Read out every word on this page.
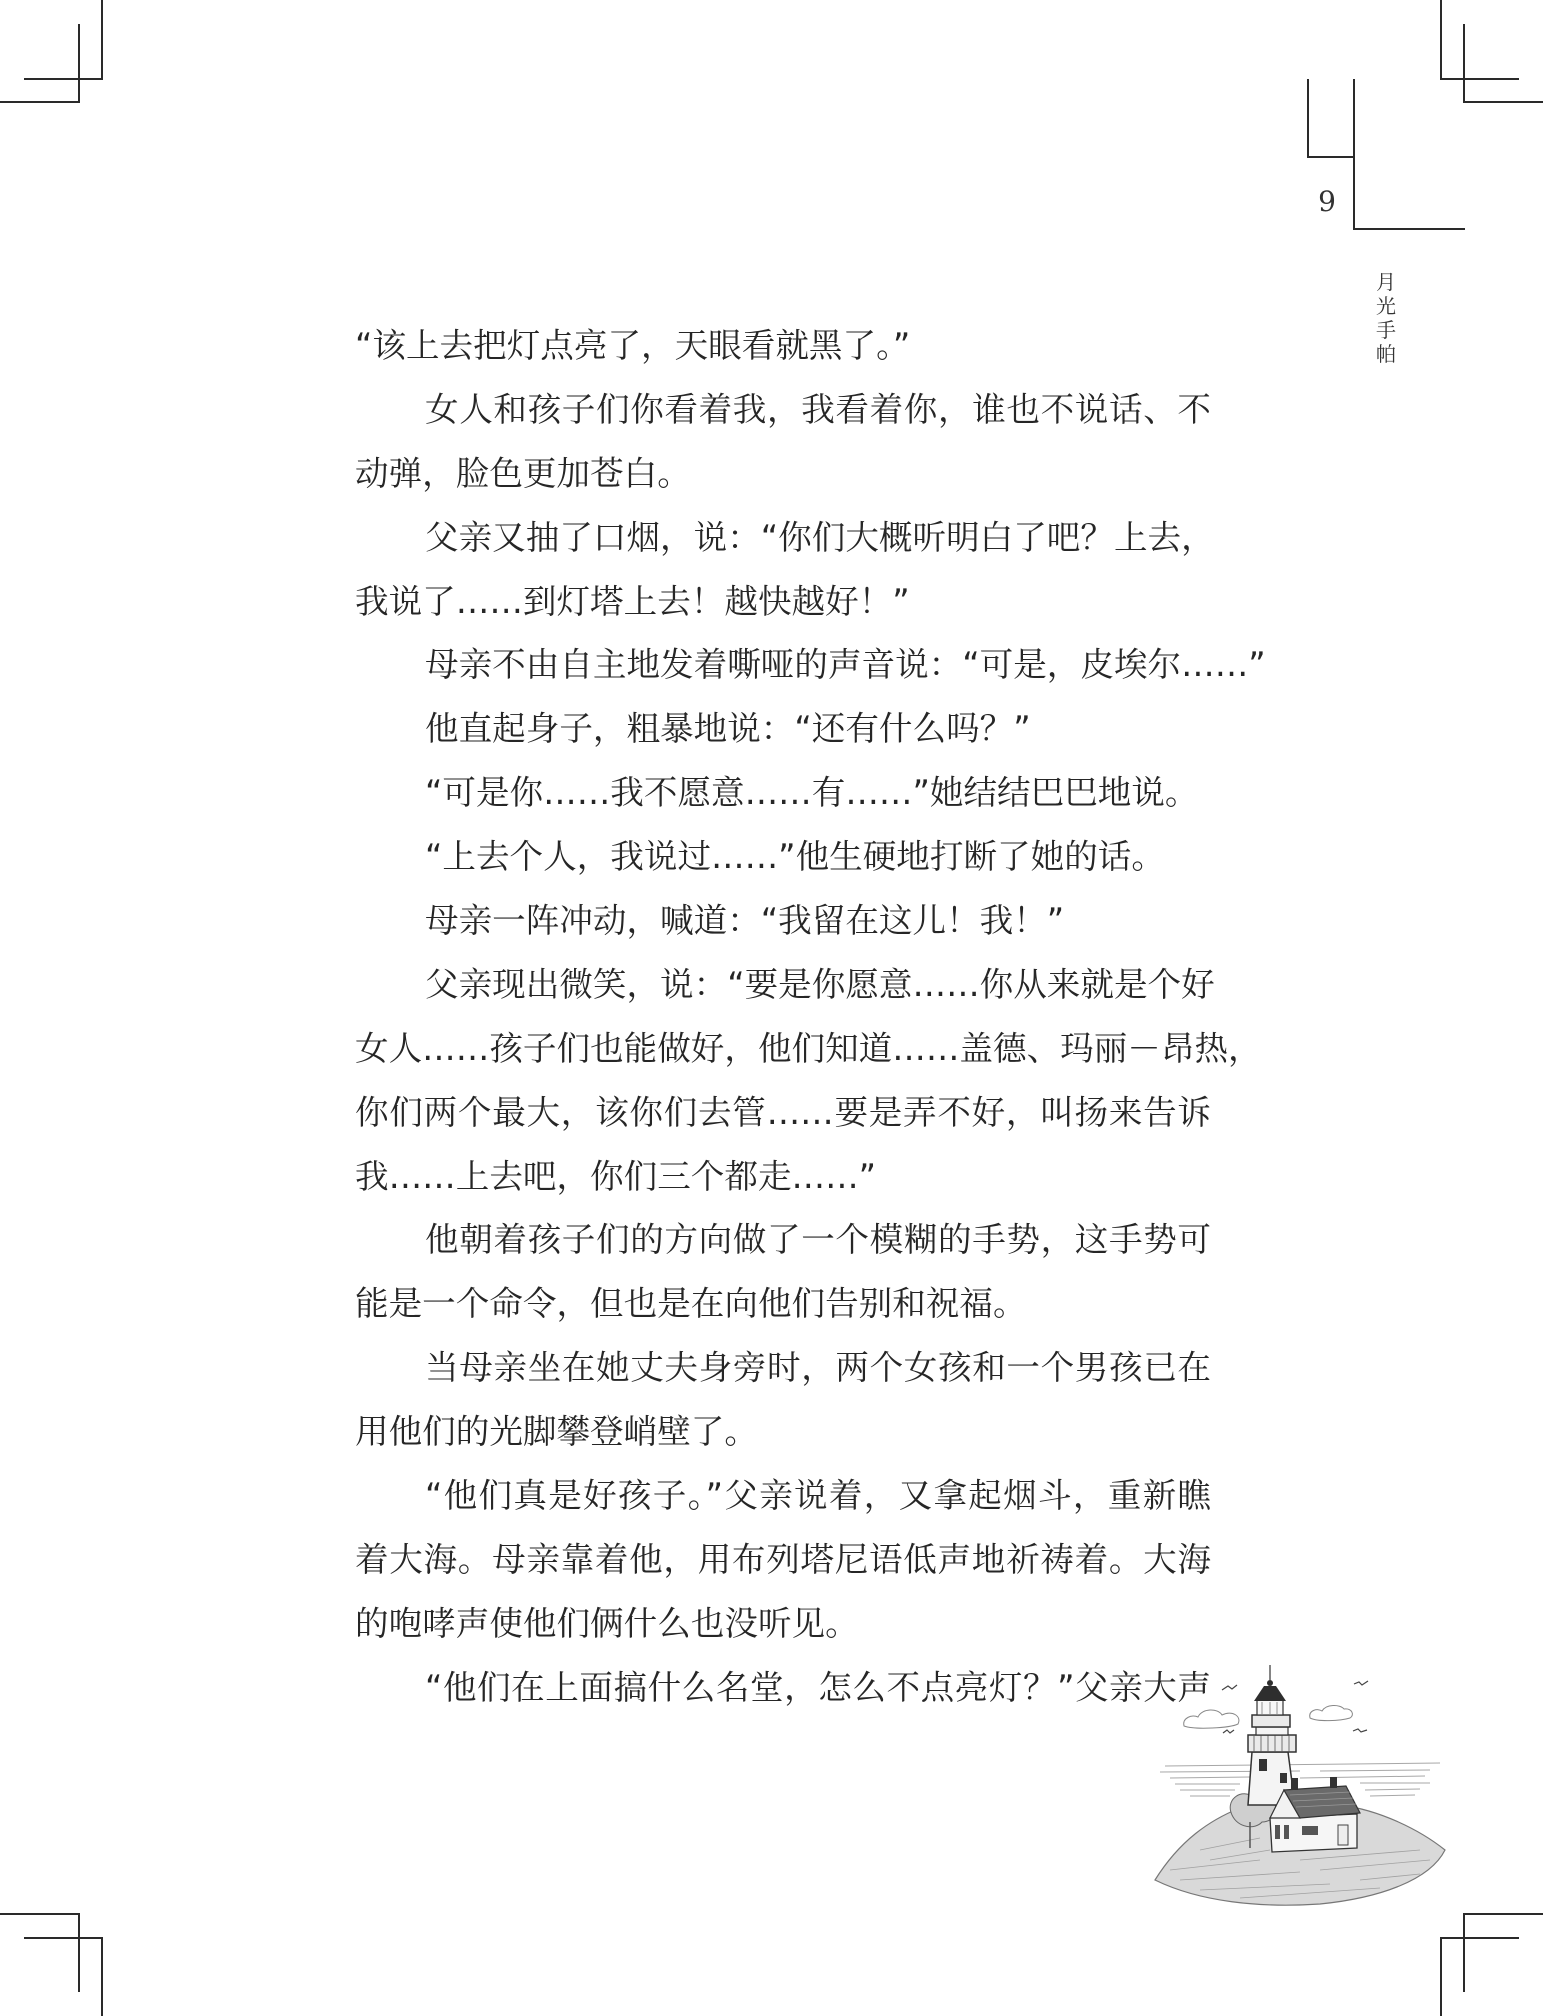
9
月
光
手
帕
“该上去把灯点亮了，天眼看就黑了。”
女人和孩子们你看着我，我看着你，谁也不说话、不
动弹，脸色更加苍白。
父亲又抽了口烟，说：“你们大概听明白了吧？上去，
我说了……到灯塔上去！越快越好！”
母亲不由自主地发着嘶哑的声音说：“可是，皮埃尔……”
他直起身子，粗暴地说：“还有什么吗？”
“可是你……我不愿意……有……”她结结巴巴地说。
“上去个人，我说过……”他生硬地打断了她的话。
母亲一阵冲动，喊道：“我留在这儿！我！”
父亲现出微笑，说：“要是你愿意……你从来就是个好
女人……孩子们也能做好，他们知道……盖德、玛丽－昂热，
你们两个最大，该你们去管……要是弄不好，叫扬来告诉
我……上去吧，你们三个都走……”
他朝着孩子们的方向做了一个模糊的手势，这手势可
能是一个命令，但也是在向他们告别和祝福。
当母亲坐在她丈夫身旁时，两个女孩和一个男孩已在
用他们的光脚攀登峭壁了。
“他们真是好孩子。”父亲说着，又拿起烟斗，重新瞧
着大海。母亲靠着他，用布列塔尼语低声地祈祷着。大海
的咆哮声使他们俩什么也没听见。
“他们在上面搞什么名堂，怎么不点亮灯？”父亲大声
